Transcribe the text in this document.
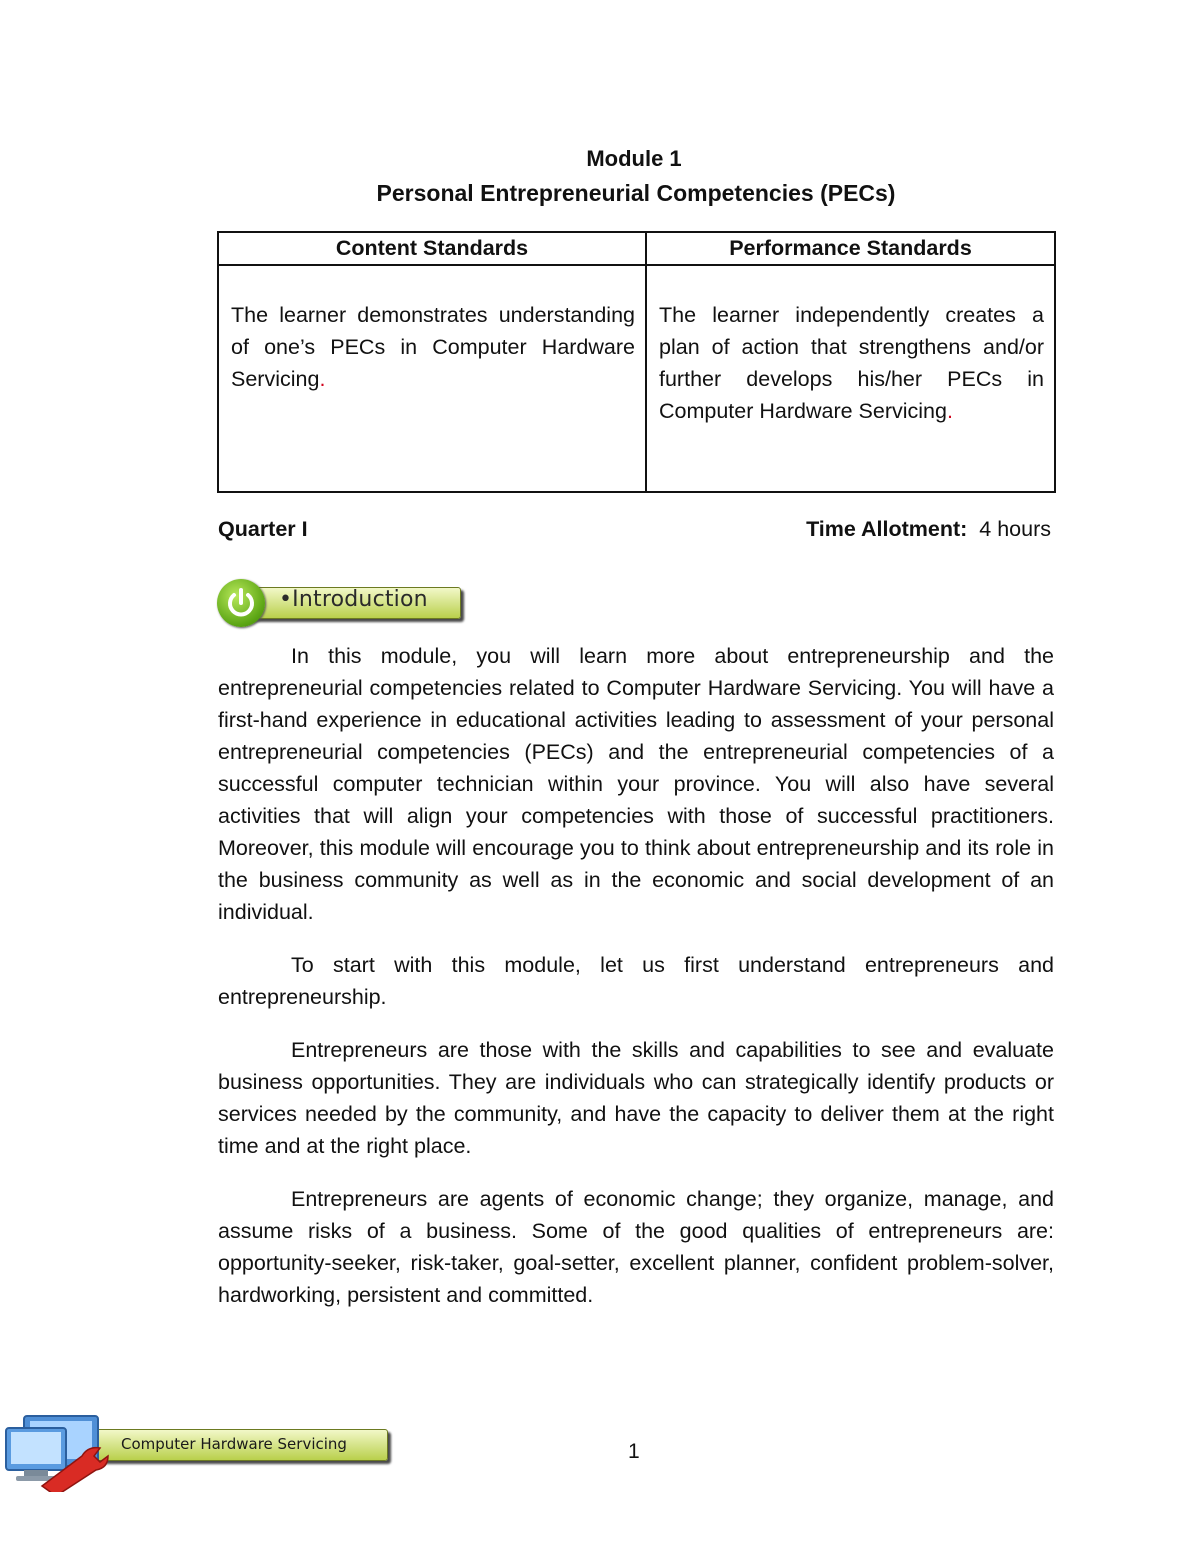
Module 1
Personal Entrepreneurial Competencies (PECs)
Content Standards	Performance Standards
The learner demonstrates understanding of one’s PECs in Computer Hardware Servicing.	The learner independently creates a plan of action that strengthens and/or further develops his/her PECs in Computer Hardware Servicing.
Quarter I	Time Allotment: 4 hours
•Introduction

In this module, you will learn more about entrepreneurship and the entrepreneurial competencies related to Computer Hardware Servicing. You will have a first-hand experience in educational activities leading to assessment of your personal entrepreneurial competencies (PECs) and the entrepreneurial competencies of a successful computer technician within your province. You will also have several activities that will align your competencies with those of successful practitioners. Moreover, this module will encourage you to think about entrepreneurship and its role in the business community as well as in the economic and social development of an individual.

To start with this module, let us first understand entrepreneurs and entrepreneurship.

Entrepreneurs are those with the skills and capabilities to see and evaluate business opportunities. They are individuals who can strategically identify products or services needed by the community, and have the capacity to deliver them at the right time and at the right place.

Entrepreneurs are agents of economic change; they organize, manage, and assume risks of a business. Some of the good qualities of entrepreneurs are: opportunity-seeker, risk-taker, goal-setter, excellent planner, confident problem-solver, hardworking, persistent and committed.

Computer Hardware Servicing	1
